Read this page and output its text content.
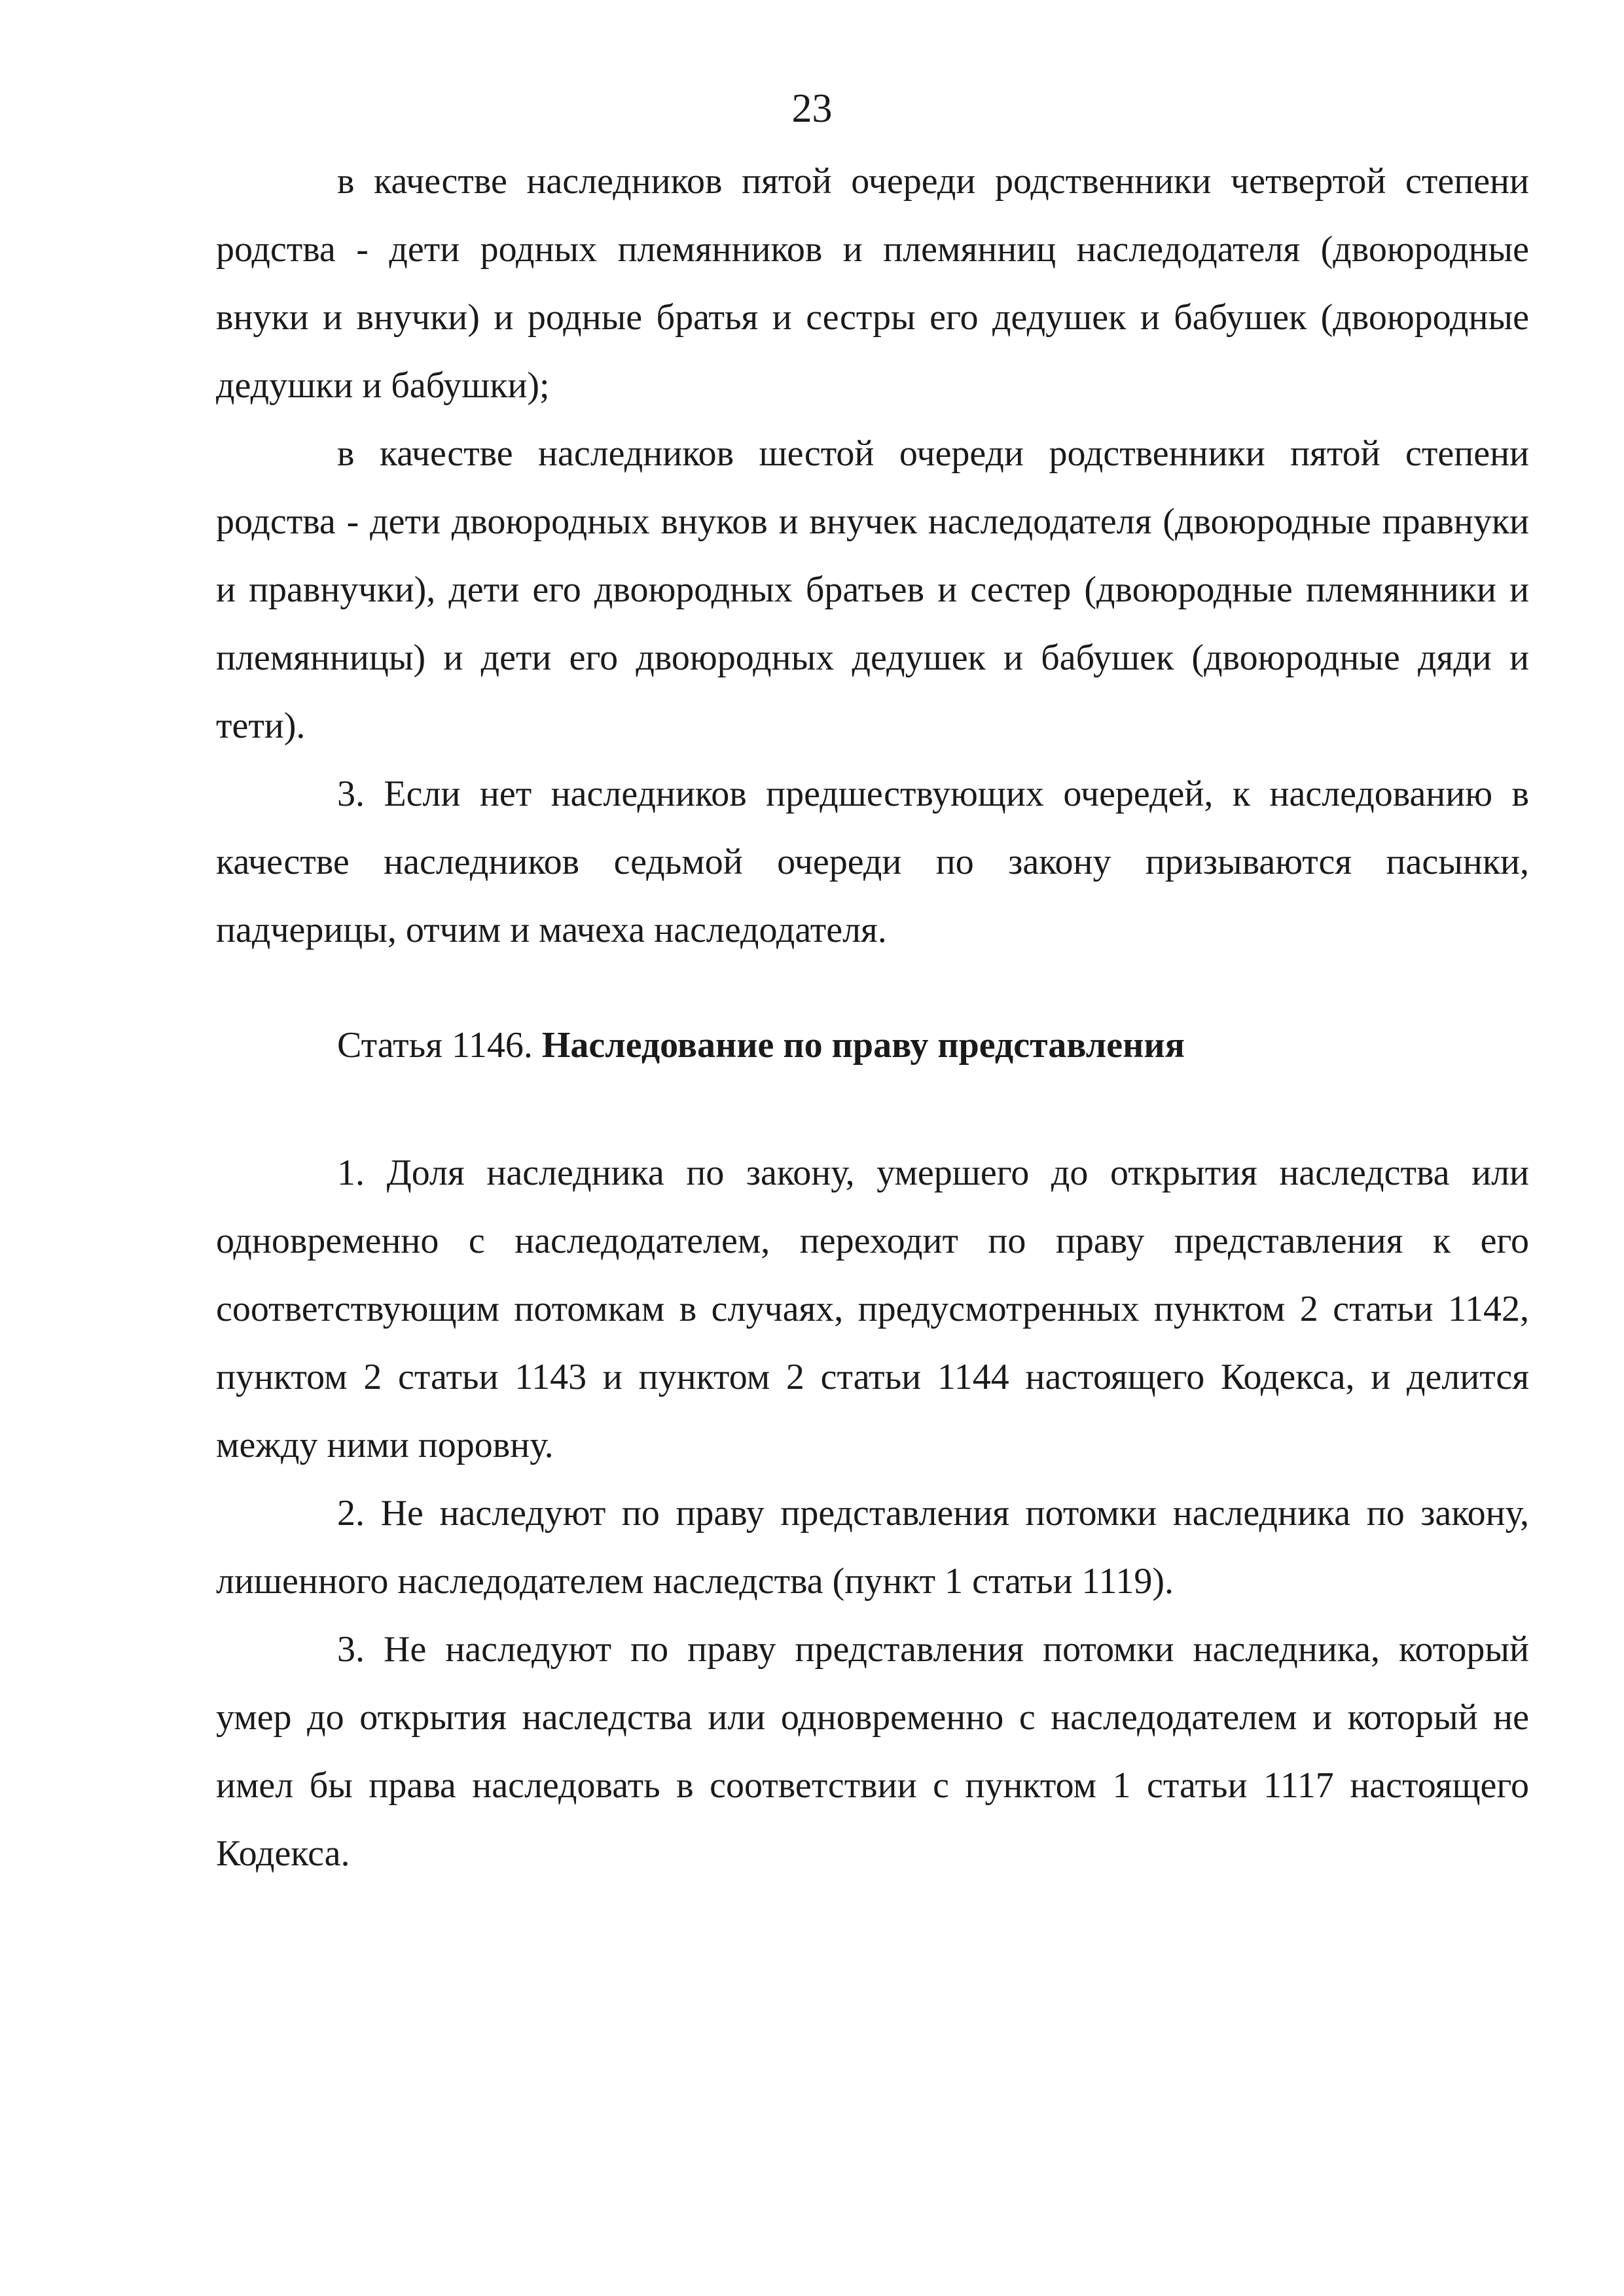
23

в качестве наследников пятой очереди родственники четвертой степени родства - дети родных племянников и племянниц наследодателя (двоюродные внуки и внучки) и родные братья и сестры его дедушек и бабушек (двоюродные дедушки и бабушки);

в качестве наследников шестой очереди родственники пятой степени родства - дети двоюродных внуков и внучек наследодателя (двоюродные правнуки и правнучки), дети его двоюродных братьев и сестер (двоюродные племянники и племянницы) и дети его двоюродных дедушек и бабушек (двоюродные дяди и тети).

3. Если нет наследников предшествующих очередей, к наследованию в качестве наследников седьмой очереди по закону призываются пасынки, падчерицы, отчим и мачеха наследодателя.

Статья 1146. Наследование по праву представления

1. Доля наследника по закону, умершего до открытия наследства или одновременно с наследодателем, переходит по праву представления к его соответствующим потомкам в случаях, предусмотренных пунктом 2 статьи 1142, пунктом 2 статьи 1143 и пунктом 2 статьи 1144 настоящего Кодекса, и делится между ними поровну.

2. Не наследуют по праву представления потомки наследника по закону, лишенного наследодателем наследства (пункт 1 статьи 1119).

3. Не наследуют по праву представления потомки наследника, который умер до открытия наследства или одновременно с наследодателем и который не имел бы права наследовать в соответствии с пунктом 1 статьи 1117 настоящего Кодекса.
